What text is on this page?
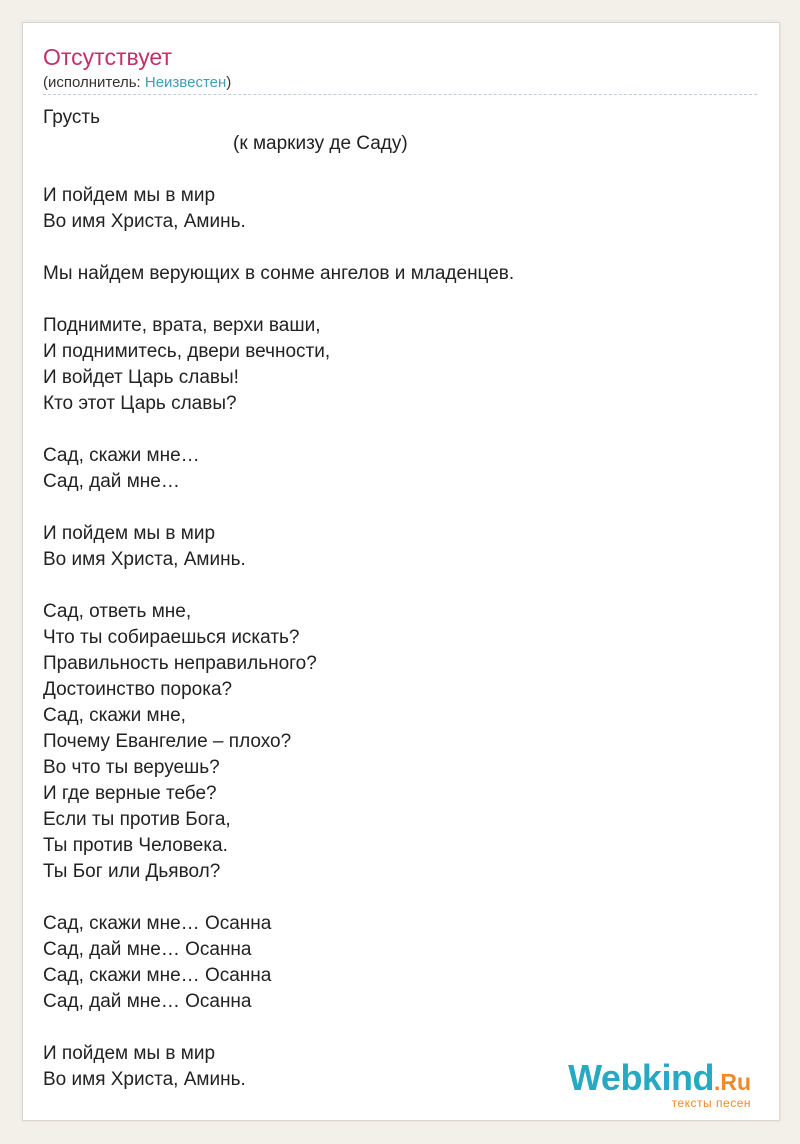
Отсутствует
(исполнитель: Неизвестен)
Грусть
(к маркизу де Саду)

И пойдем мы в мир
Во имя Христа, Аминь.

Мы найдем верующих в сонме ангелов и младенцев.

Поднимите, врата, верхи ваши,
И поднимитесь, двери вечности,
И войдет Царь славы!
Кто этот Царь славы?

Сад, скажи мне…
Сад, дай мне…

И пойдем мы в мир
Во имя Христа, Аминь.

Сад, ответь мне,
Что ты собираешься искать?
Правильность неправильного?
Достоинство порока?
Сад, скажи мне,
Почему Евангелие – плохо?
Во что ты веруешь?
И где верные тебе?
Если ты против Бога,
Ты против Человека.
Ты Бог или Дьявол?

Сад, скажи мне… Осанна
Сад, дай мне… Осанна
Сад, скажи мне… Осанна
Сад, дай мне… Осанна

И пойдем мы в мир
Во имя Христа, Аминь.	Webkind.Ru
тексты песен
